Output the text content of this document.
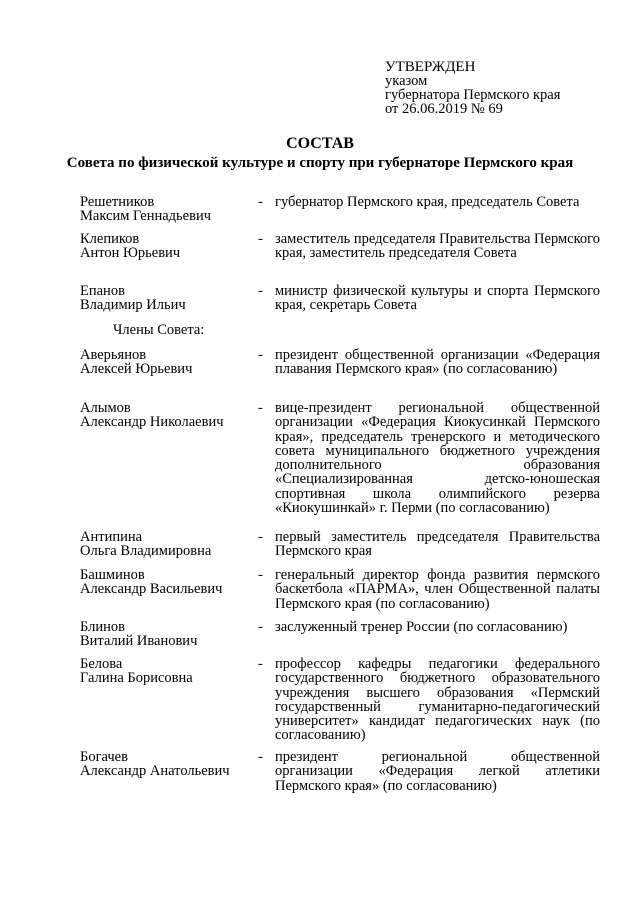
УТВЕРЖДЕН
указом
губернатора Пермского края
от 26.06.2019 № 69
СОСТАВ
Совета по физической культуре и спорту при губернаторе Пермского края
Решетников
Максим Геннадьевич
- губернатор Пермского края, председатель Совета
Клепиков
Антон Юрьевич
- заместитель председателя Правительства Пермского края, заместитель председателя Совета
Епанов
Владимир Ильич
- министр физической культуры и спорта Пермского края, секретарь Совета
Члены Совета:
Аверьянов
Алексей Юрьевич
- президент общественной организации «Федерация плавания Пермского края» (по согласованию)
Алымов
Александр Николаевич
- вице-президент региональной общественной организации «Федерация Киокусинкай Пермского края», председатель тренерского и методического совета муниципального бюджетного учреждения дополнительного образования «Специализированная детско-юношеская спортивная школа олимпийского резерва «Киокушинкай» г. Перми (по согласованию)
Антипина
Ольга Владимировна
- первый заместитель председателя Правительства Пермского края
Башминов
Александр Васильевич
- генеральный директор фонда развития пермского баскетбола «ПАРМА», член Общественной палаты Пермского края (по согласованию)
Блинов
Виталий Иванович
- заслуженный тренер России (по согласованию)
Белова
Галина Борисовна
- профессор кафедры педагогики федерального государственного бюджетного образовательного учреждения высшего образования «Пермский государственный гуманитарно-педагогический университет» кандидат педагогических наук (по согласованию)
Богачев
Александр Анатольевич
- президент региональной общественной организации «Федерация легкой атлетики Пермского края» (по согласованию)
